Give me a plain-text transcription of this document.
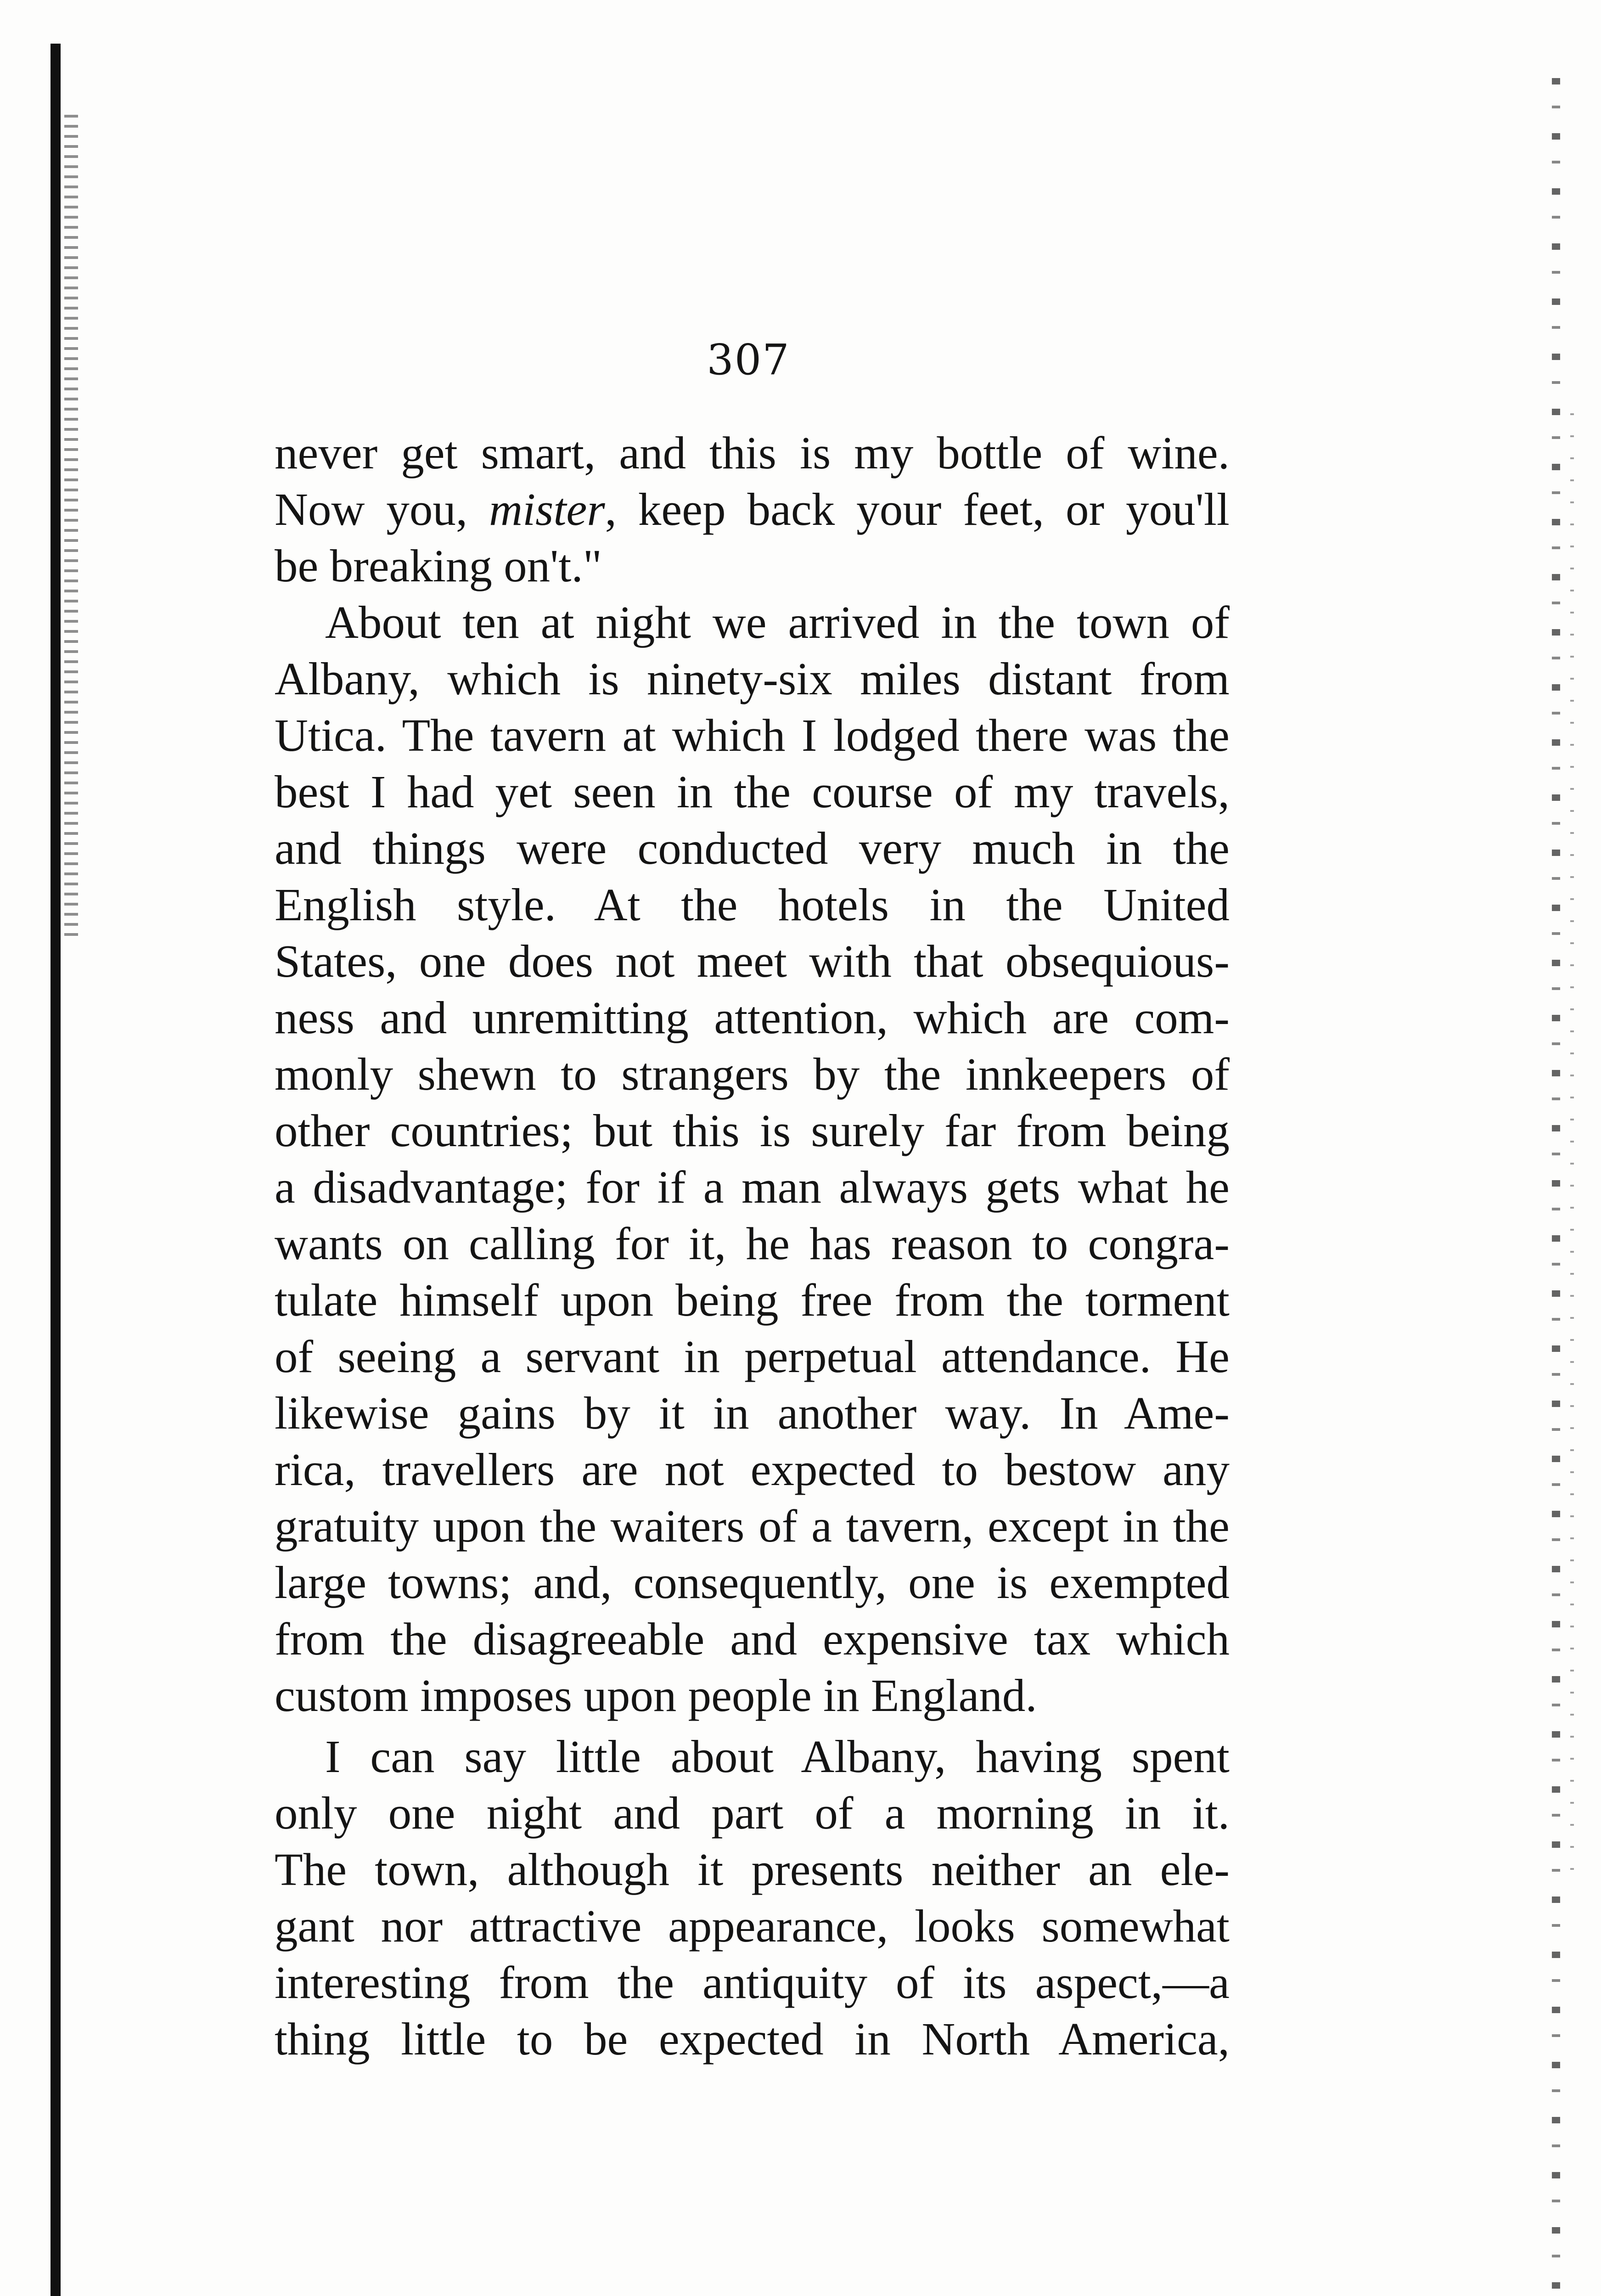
307
never get smart, and this is my bottle of wine.
Now you, mister, keep back your feet, or you'll
be breaking on't."
About ten at night we arrived in the town of
Albany, which is ninety-six miles distant from
Utica. The tavern at which I lodged there was the
best I had yet seen in the course of my travels,
and things were conducted very much in the
English style. At the hotels in the United
States, one does not meet with that obsequious-
ness and unremitting attention, which are com-
monly shewn to strangers by the innkeepers of
other countries; but this is surely far from being
a disadvantage; for if a man always gets what he
wants on calling for it, he has reason to congra-
tulate himself upon being free from the torment
of seeing a servant in perpetual attendance. He
likewise gains by it in another way. In Ame-
rica, travellers are not expected to bestow any
gratuity upon the waiters of a tavern, except in the
large towns; and, consequently, one is exempted
from the disagreeable and expensive tax which
custom imposes upon people in England.
I can say little about Albany, having spent
only one night and part of a morning in it.
The town, although it presents neither an ele-
gant nor attractive appearance, looks somewhat
interesting from the antiquity of its aspect,—a
thing little to be expected in North America,
